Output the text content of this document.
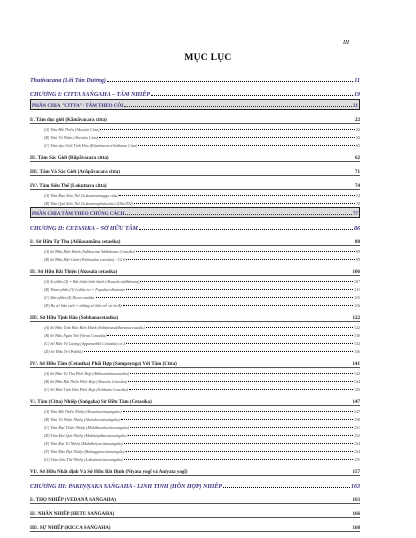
III
MỤC LỤC
Thutivacana (Lời Tán Dương)	11
CHƯƠNG I: CITTA SAṄGAHA – TÂM NHIẾP	19
PHẦN CHIA "CITTA"- TÂM THEO CÕI	21
I/. Tâm dục giới (Kāmāvacara citta)	22
(A) Tâm Bất Thiện (Akusala Citta)	23
(B) Tâm Vô Nhân (Ahetuka Citta)	35
(C) Tâm dục Giới Tịnh Hảo (Kāmāvacara-Sobhana Citta)	65
II/. Tâm Sắc Giới (Rūpāvacara citta)	62
III/. Tâm Vô Sắc Giới (Arūpāvacara citta)	71
IV/. Tâm Siêu Thế (Lokuttara citta)	74
(A) Tâm Đạo Siêu Thế (Lokuttaramagga citta)	74
(B) Tâm Quả Siêu Thế (Lokuttaraphalacitta) (Dhs.892)	76
PHẦN CHIA TÂM THEO CHỦNG CÁCH	77
CHƯƠNG II: CETASIKA – SỞ HỮU TÂM	86
I/. Sở Hữu Tợ Tha (Aññasamāna cetasika)	88
(A) Sở Hữu Biến Hành (Sabbacitta Sādhārana Cetasika)	89
(B) Sở Hữu Biệt Cảnh (Pakinnaka cetasika) - Có 6	99
II/. Sở Hữu Bất Thiện (Akusala cetasika)	106
(A) Si-phần (4) = Bất thiện biến hành (Akusala-sādhārana)	107
(B) Tham-phần (3) Lobha-trì = Papañca-dhamma	111
(C) Sân-phần (4) Dosa-catukka	115
(D) Ba sở hữu cuối = những sở hữu trễ và ôn độ	116
III/. Sở Hữu Tịnh Hảo (Sobhanacetasika)	122
(A) Sở Hữu Tịnh Hảo Biến Hành (Sobhanasādhāranacetasika)	122
(B) Sở Hữu Ngăn Trừ (Virati Cetasika)	130
(C) Sở Hữu Vô Lượng (Appamaññā Cetasika) có 2	132
(D) Sở Hữu Trí (Paññā)	136
IV/. Sở Hữu Tâm (Cetasika) Phối Hợp (Sampayoga) Với Tâm (Citta)	141
(A) Sở Hữu Tợ Tha Phối Hợp (Aññasamānacetasika)	142
(B) Sở Hữu Bất Thiện Phối Hợp (Akusala Cetasika)	144
(C) Sở Hữu Tịnh Hảo Phối Hợp (Sobhana Cetasika)	145
V/. Tâm (Citta) Nhiếp (Saṅgaha) Sở Hữu Tâm (Cetasika)	147
(A) Tâm Bất Thiện Nhiếp (Akusalacittasaṅgaho)	147
(B) Tâm Vô Nhân Nhiếp (Ahetukacittasaṅgaho)	150
(C) Tâm Đại Thiện Nhiếp (Mahākusalacittasaṅgaho)	151
(D) Tâm Đại Quả Nhiếp (Mahāvipākacittasaṅgaho)	152
(E) Tâm Đại Tố Nhiếp (Mahākiriyacittasaṅgaho)	154
(F) Tâm Đáo Đại Nhiếp (Mahaggatacittasaṅgaho)	154
(G) Tâm Siêu Thế Nhiếp (Lokuttaracittasaṅgaho)	155
VI/. Sở Hữu Nhất định Và Sở Hữu Bất Định (Niyata yogī và Aniyata yogī)	157
CHƯƠNG III: PAKIṆṆAKA SAṄGAHA - LINH TINH (HỖN HỢP) NHIẾP	163
I/. THỌ NHIẾP (VEDANĀ SAṄGAHA)	163
II/. NHÂN NHIẾP (HETU SAṄGAHA)	166
III/. SỰ NHIẾP (KICCA SAṄGAHA)	168
